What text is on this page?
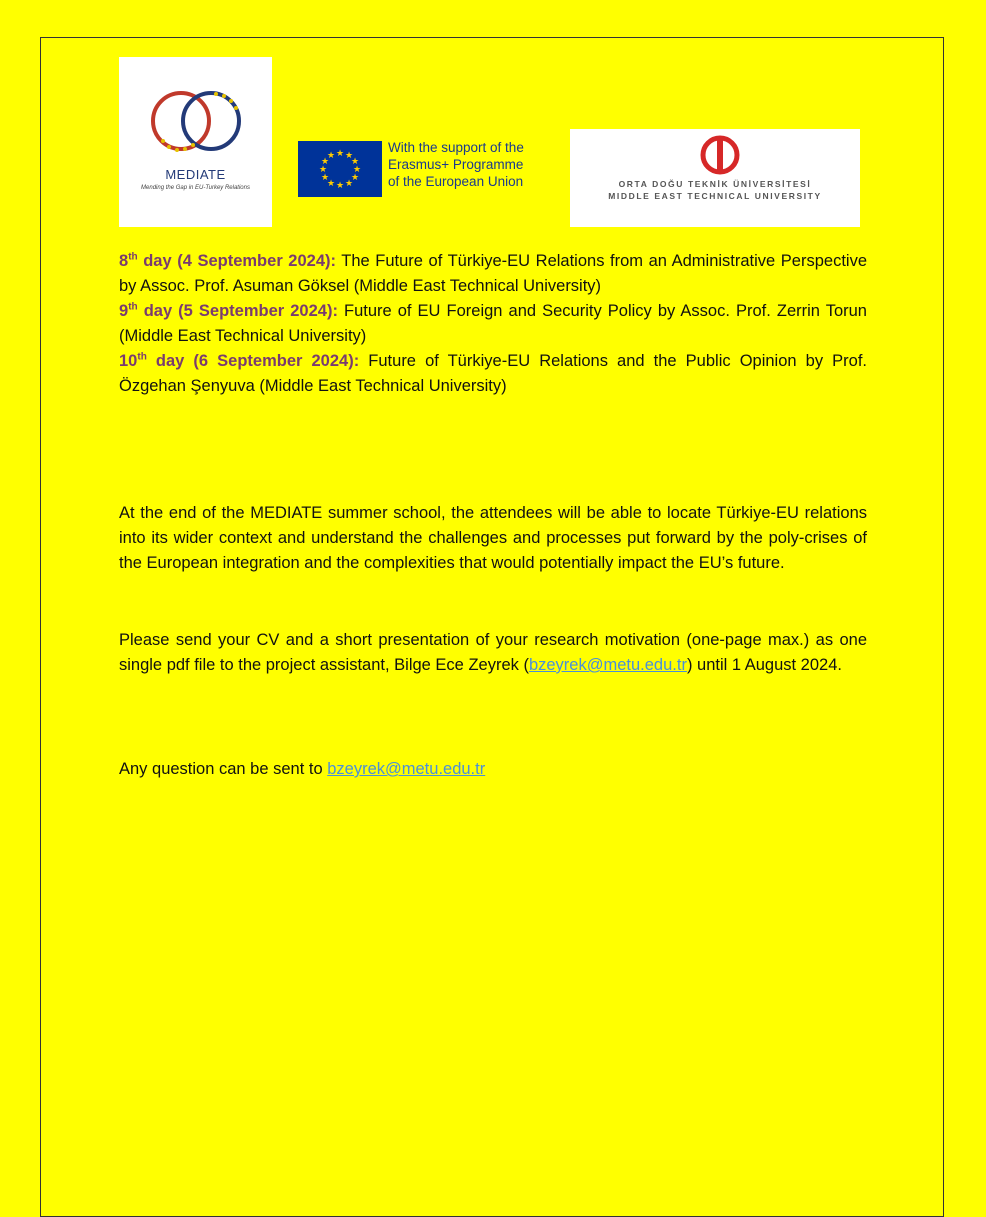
MEDIATE
Mending the Gap in EU-Turkey Relations
★ ★
★
★
★
★
★
★
★
★
★
★
With the support of the
Erasmus+ Programme
of the European Union	ORTA DOĞU TEKNİK ÜNİVERSİTESİ
MIDDLE EAST TECHNICAL UNIVERSITY

8th day (4 September 2024): The Future of Türkiye-EU Relations from an Administrative Perspective by Assoc. Prof. Asuman Göksel (Middle East Technical University)

9th day (5 September 2024): Future of EU Foreign and Security Policy by Assoc. Prof. Zerrin Torun (Middle East Technical University)

10th day (6 September 2024): Future of Türkiye-EU Relations and the Public Opinion by Prof. Özgehan Şenyuva (Middle East Technical University)

At the end of the MEDIATE summer school, the attendees will be able to locate Türkiye-EU relations into its wider context and understand the challenges and processes put forward by the poly-crises of the European integration and the complexities that would potentially impact the EU’s future.

Please send your CV and a short presentation of your research motivation (one-page max.) as one single pdf file to the project assistant, Bilge Ece Zeyrek (bzeyrek@metu.edu.tr) until 1 August 2024.

Any question can be sent to bzeyrek@metu.edu.tr
